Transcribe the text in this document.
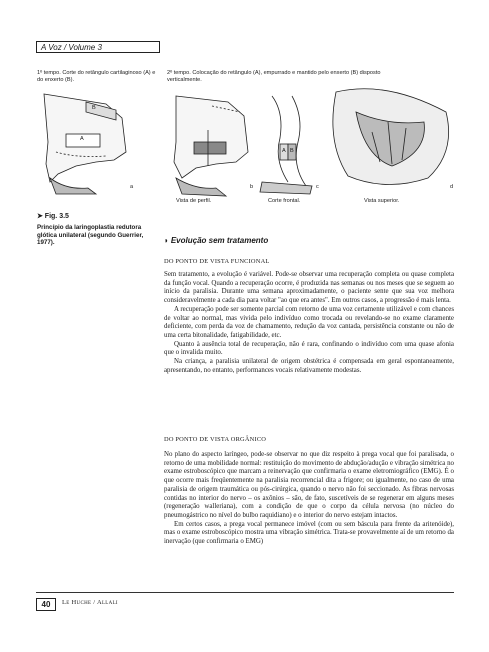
A Voz / Volume 3
1º tempo. Corte do retângulo cartilaginoso (A) e do enxerto (B).
2º tempo. Colocação do retângulo (A), empurrado e mantido pelo enxerto (B) disposto verticalmente.
A
B
A B
a	b	c	d
Vista de perfil.	Corte frontal.	Vista superior.
➤ Fig. 3.5
Princípio da laringoplastia redutora glótica unilateral (segundo Guerrier, 1977).	◗ Evolução sem tratamento
DO PONTO DE VISTA FUNCIONAL

Sem tratamento, a evolução é variável. Pode-se observar uma recuperação completa ou quase completa da função vocal. Quando a recuperação ocorre, é produzida nas semanas ou nos meses que se seguem ao início da paralisia. Durante uma semana aproximadamente, o paciente sente que sua voz melhora consideravelmente a cada dia para voltar "ao que era antes". Em outros casos, a progressão é mais lenta.

A recuperação pode ser somente parcial com retorno de uma voz certamente utilizável e com chances de voltar ao normal, mas vivida pelo indivíduo como trocada ou revelando-se no exame claramente deficiente, com perda da voz de chamamento, redução da voz cantada, persistência constante ou não de uma certa bitonalidade, fatigabilidade, etc.

Quanto à ausência total de recuperação, não é rara, confinando o indivíduo com uma quase afonia que o invalida muito.

Na criança, a paralisia unilateral de origem obstétrica é compensada em geral espontaneamente, apresentando, no entanto, performances vocais relativamente modestas.

DO PONTO DE VISTA ORGÂNICO

No plano do aspecto laríngeo, pode-se observar no que diz respeito à prega vocal que foi paralisada, o retorno de uma mobilidade normal: restituição do movimento de abdução/adução e vibração simétrica no exame estroboscópico que marcam a reinervação que confirmaria o exame eletromiográfico (EMG). É o que ocorre mais freqüentemente na paralisia recorrencial dita a frigore; ou igualmente, no caso de uma paralisia de origem traumática ou pós-cirúrgica, quando o nervo não foi seccionado. As fibras nervosas contidas no interior do nervo – os axônios – são, de fato, suscetíveis de se regenerar em alguns meses (regeneração walleriana), com a condição de que o corpo da célula nervosa (no núcleo do pneumogástrico no nível do bulbo raquidiano) e o interior do nervo estejam intactos.

Em certos casos, a prega vocal permanece imóvel (com ou sem báscula para frente da aritenóide), mas o exame estroboscópico mostra uma vibração simétrica. Trata-se provavelmente aí de um retorno da inervação (que confirmaria o EMG)

40	Le Huche / Allali
